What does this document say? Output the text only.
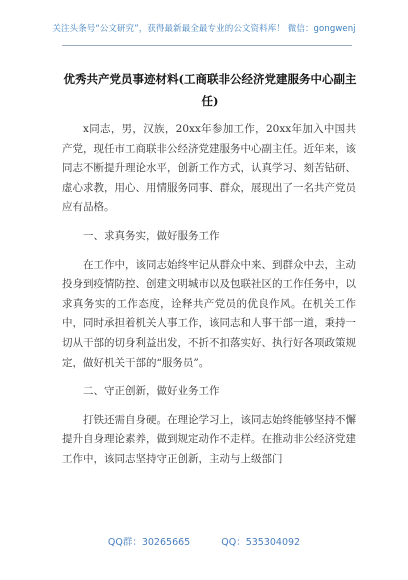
关注头条号“公文研究”，获得最新最全最专业的公文资料库！ 微信：gongwenj
优秀共产党员事迹材料(工商联非公经济党建服务中心副主任)

x同志，男，汉族，20xx年参加工作，20xx年加入中国共产党，现任市工商联非公经济党建服务中心副主任。近年来，该同志不断提升理论水平，创新工作方式，认真学习、刻苦钻研、虚心求教，用心、用情服务同事、群众，展现出了一名共产党员应有品格。

一、求真务实，做好服务工作

在工作中，该同志始终牢记从群众中来、到群众中去，主动投身到疫情防控、创建文明城市以及包联社区的工作任务中，以求真务实的工作态度，诠释共产党员的优良作风。在机关工作中，同时承担着机关人事工作，该同志和人事干部一道，秉持一切从干部的切身利益出发，不折不扣落实好、执行好各项政策规定，做好机关干部的“服务员”。

二、守正创新，做好业务工作

打铁还需自身硬。在理论学习上，该同志始终能够坚持不懈提升自身理论素养，做到规定动作不走样。在推动非公经济党建工作中，该同志坚持守正创新，主动与上级部门

QQ群：30265665	QQ：535304092
